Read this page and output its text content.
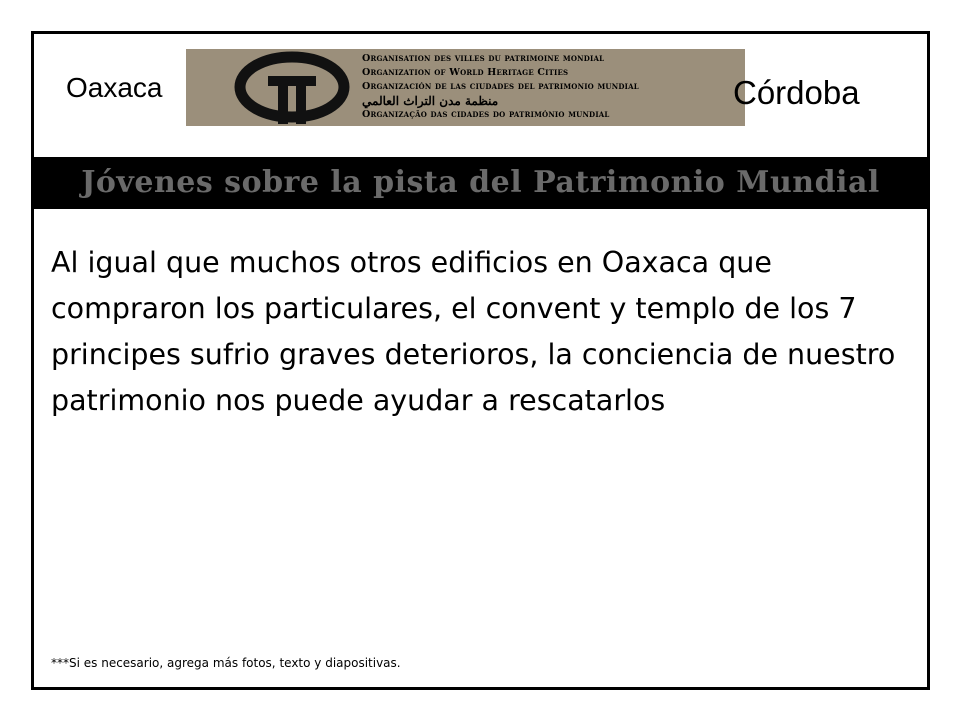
Oaxaca
Organisation des villes du patrimoine mondial
Organization of World Heritage Cities
Organización de las ciudades del patrimonio mundial
منظمة مدن التراث العالمي
Organização das cidades do património mundial
Córdoba
Jóvenes sobre la pista del Patrimonio Mundial
Al igual que muchos otros edificios en Oaxaca que compraron los particulares, el convent y templo de los 7 principes sufrio graves deterioros, la conciencia de nuestro patrimonio nos puede ayudar a rescatarlos
***Si es necesario, agrega más fotos, texto y diapositivas.
